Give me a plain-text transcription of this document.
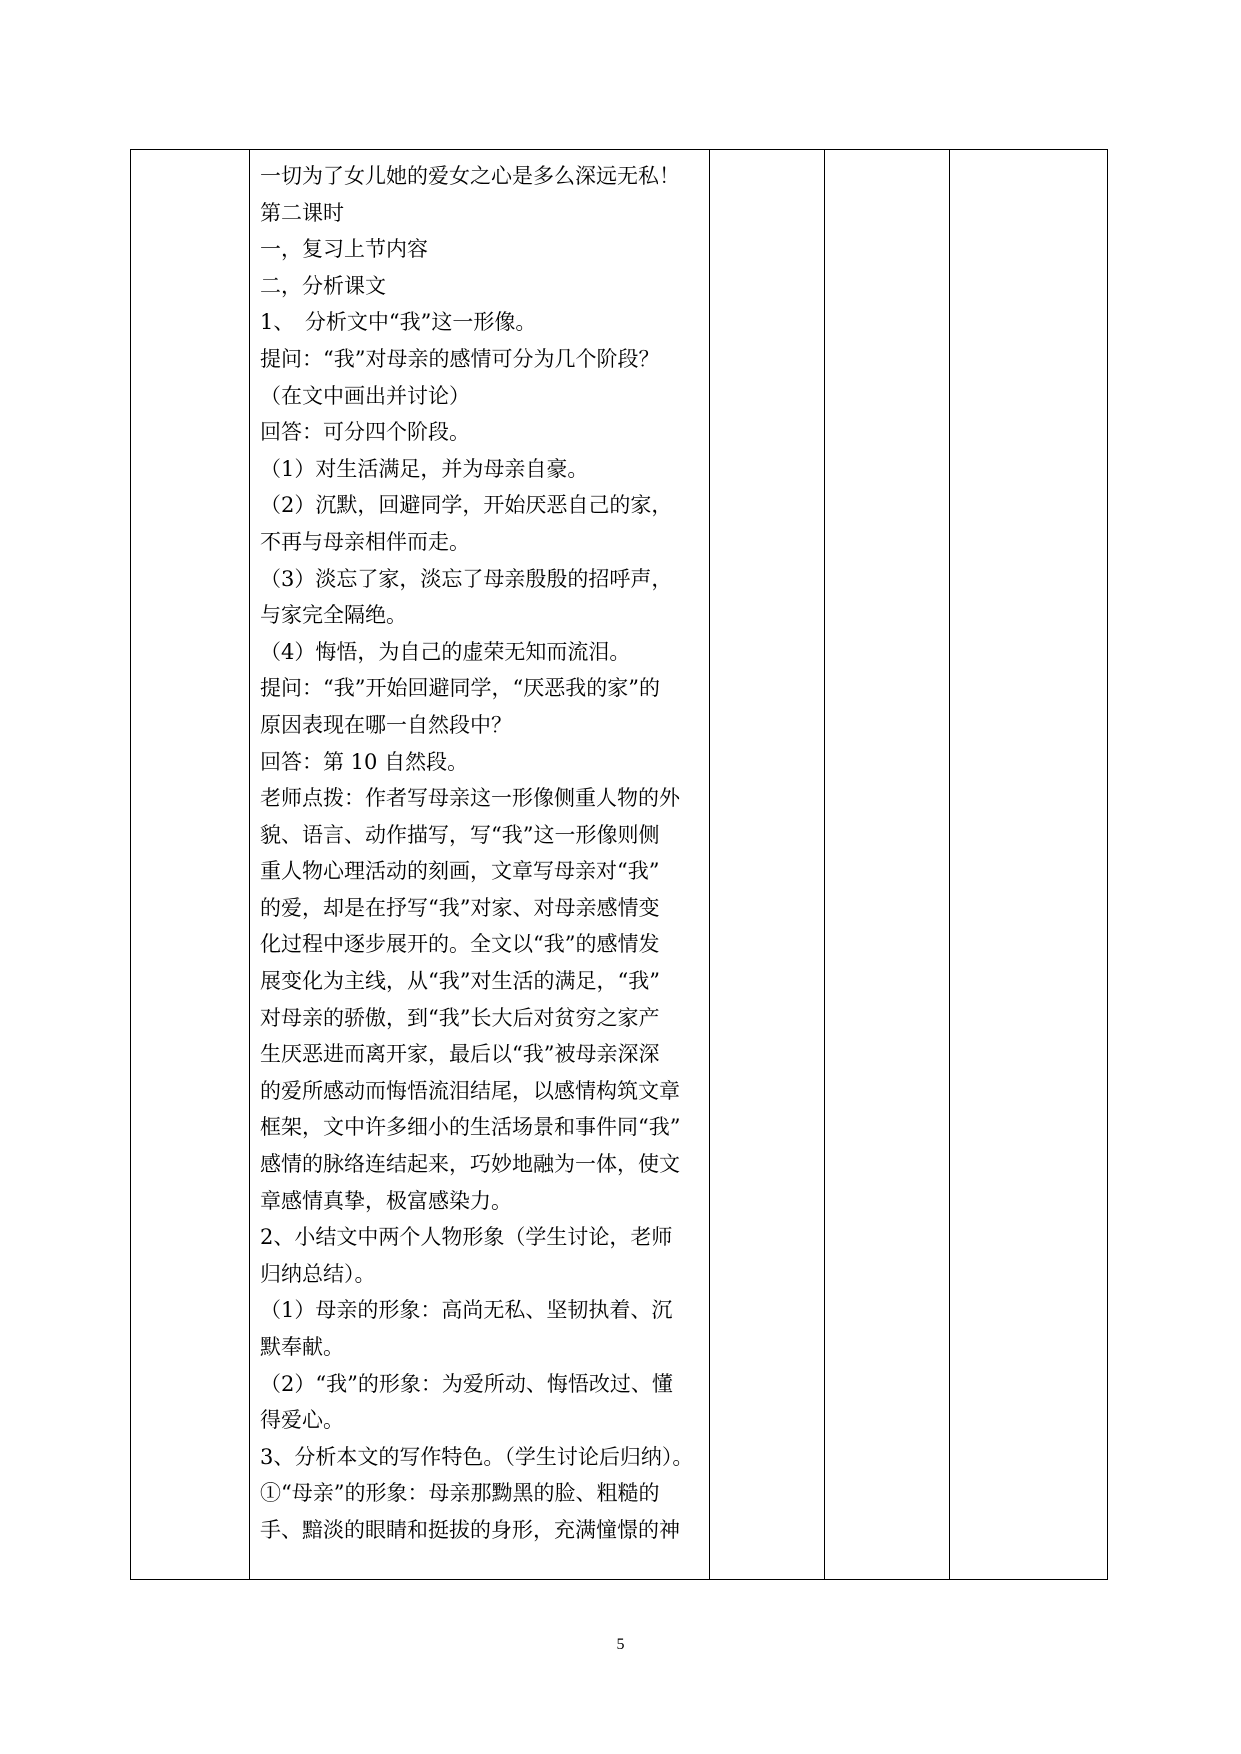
一切为了女儿她的爱女之心是多么深远无私！
第二课时
一，复习上节内容
二，分析课文
1、　分析文中“我”这一形像。
提问：“我”对母亲的感情可分为几个阶段？
（在文中画出并讨论）
回答：可分四个阶段。
（1）对生活满足，并为母亲自豪。
（2）沉默，回避同学，开始厌恶自己的家，
不再与母亲相伴而走。
（3）淡忘了家，淡忘了母亲殷殷的招呼声，
与家完全隔绝。
（4）悔悟，为自己的虚荣无知而流泪。
提问：“我”开始回避同学，“厌恶我的家”的
原因表现在哪一自然段中？
回答：第 10 自然段。
老师点拨：作者写母亲这一形像侧重人物的外
貌、语言、动作描写，写“我”这一形像则侧
重人物心理活动的刻画，文章写母亲对“我”
的爱，却是在抒写“我”对家、对母亲感情变
化过程中逐步展开的。全文以“我”的感情发
展变化为主线，从“我”对生活的满足，“我”
对母亲的骄傲，到“我”长大后对贫穷之家产
生厌恶进而离开家，最后以“我”被母亲深深
的爱所感动而悔悟流泪结尾，以感情构筑文章
框架，文中许多细小的生活场景和事件同“我”
感情的脉络连结起来，巧妙地融为一体，使文
章感情真挚，极富感染力。
2、小结文中两个人物形象（学生讨论，老师
归纳总结）。
（1）母亲的形象：高尚无私、坚韧执着、沉
默奉献。
（2）“我”的形象：为爱所动、悔悟改过、懂
得爱心。
3、分析本文的写作特色。（学生讨论后归纳）。
①“母亲”的形象：母亲那黝黑的脸、粗糙的
手、黯淡的眼睛和挺拔的身形，充满憧憬的神

5
